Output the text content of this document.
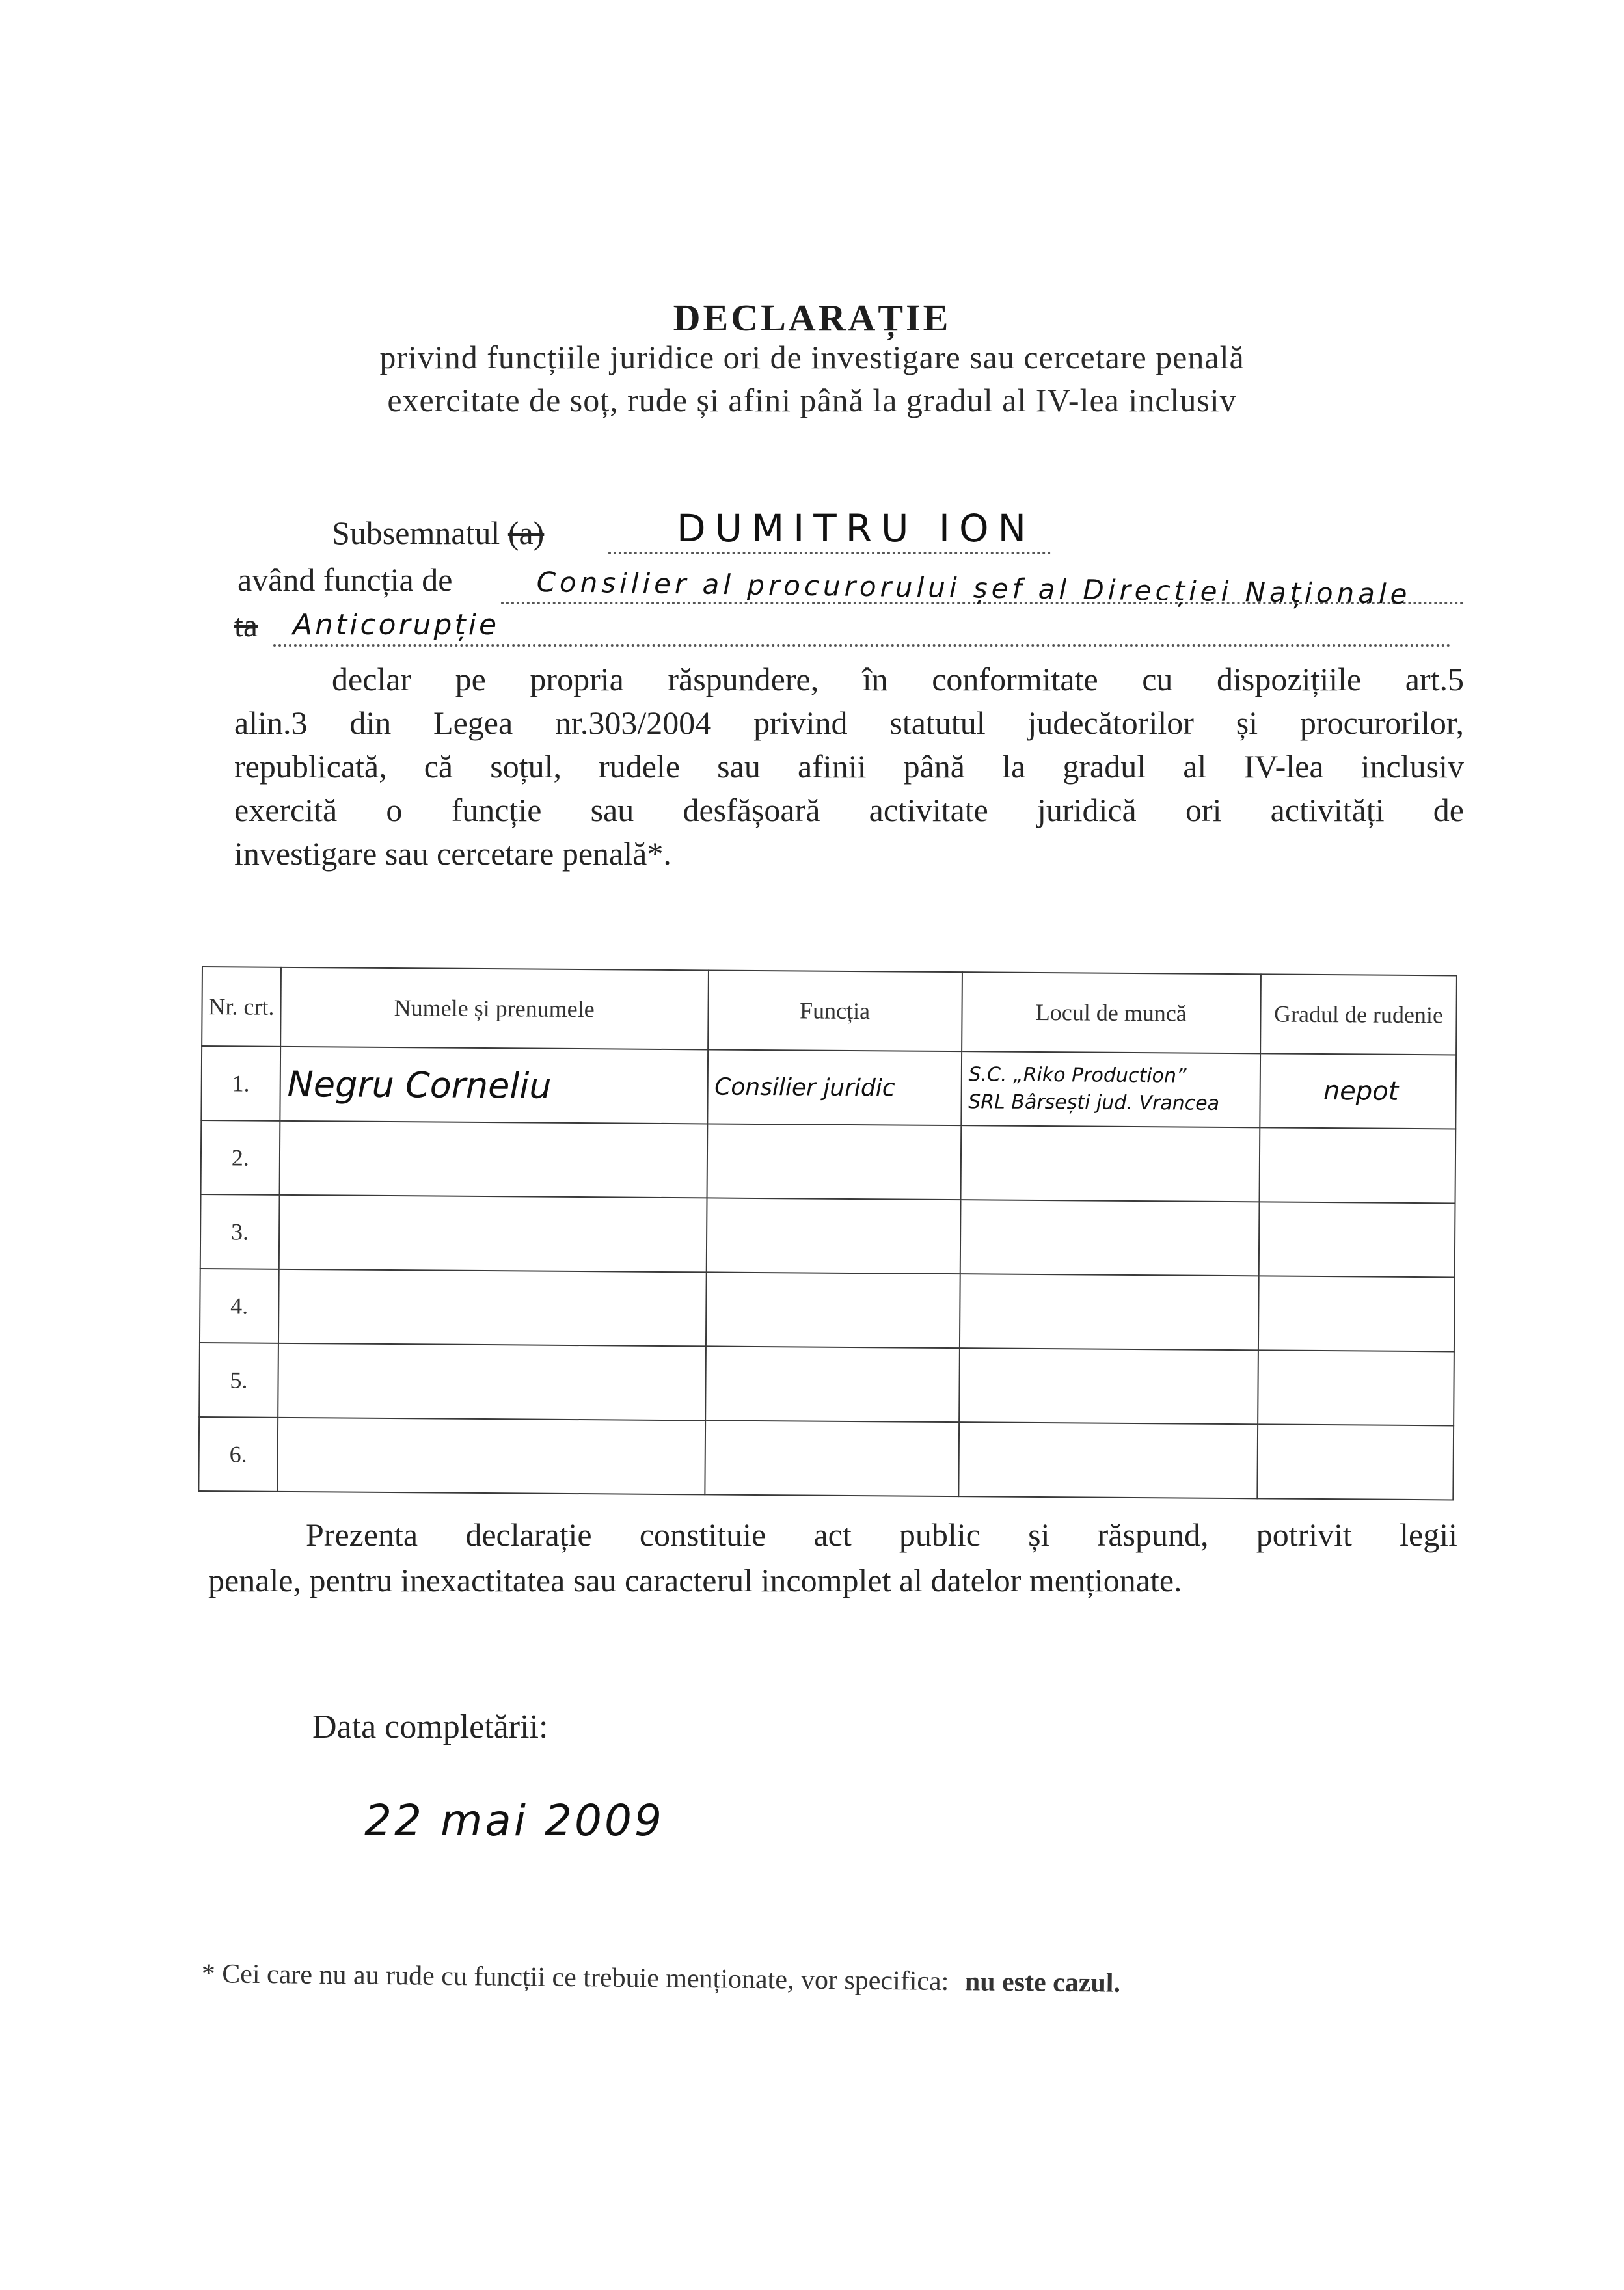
DECLARAȚIE
privind funcțiile juridice ori de investigare sau cercetare penală
exercitate de soț, rude și afini până la gradul al IV-lea inclusiv
Subsemnatul (a)	DUMITRU ION
având funcția de	Consilier al procurorului șef al Direcției Naționale
ta Anticorupție
declar pe propria răspundere, în conformitate cu dispozițiile art.5
alin.3 din Legea nr.303/2004 privind statutul judecătorilor și procurorilor,
republicată, că soțul, rudele sau afinii până la gradul al IV-lea inclusiv
exercită o funcție sau desfășoară activitate juridică ori activități de
investigare sau cercetare penală*.
Nr. crt.	Numele și prenumele	Funcția	Locul de muncă	Gradul de rudenie
1.	Negru Corneliu	Consilier juridic	S.C. „Riko Production”
SRL Bârsești jud. Vrancea	nepot
2.				
3.				
4.				
5.				
6.				
Prezenta declarație constituie act public și răspund, potrivit legii
penale, pentru inexactitatea sau caracterul incomplet al datelor menționate.
Data completării:
22 mai 2009
* Cei care nu au rude cu funcții ce trebuie menționate, vor specifica: nu este cazul.
